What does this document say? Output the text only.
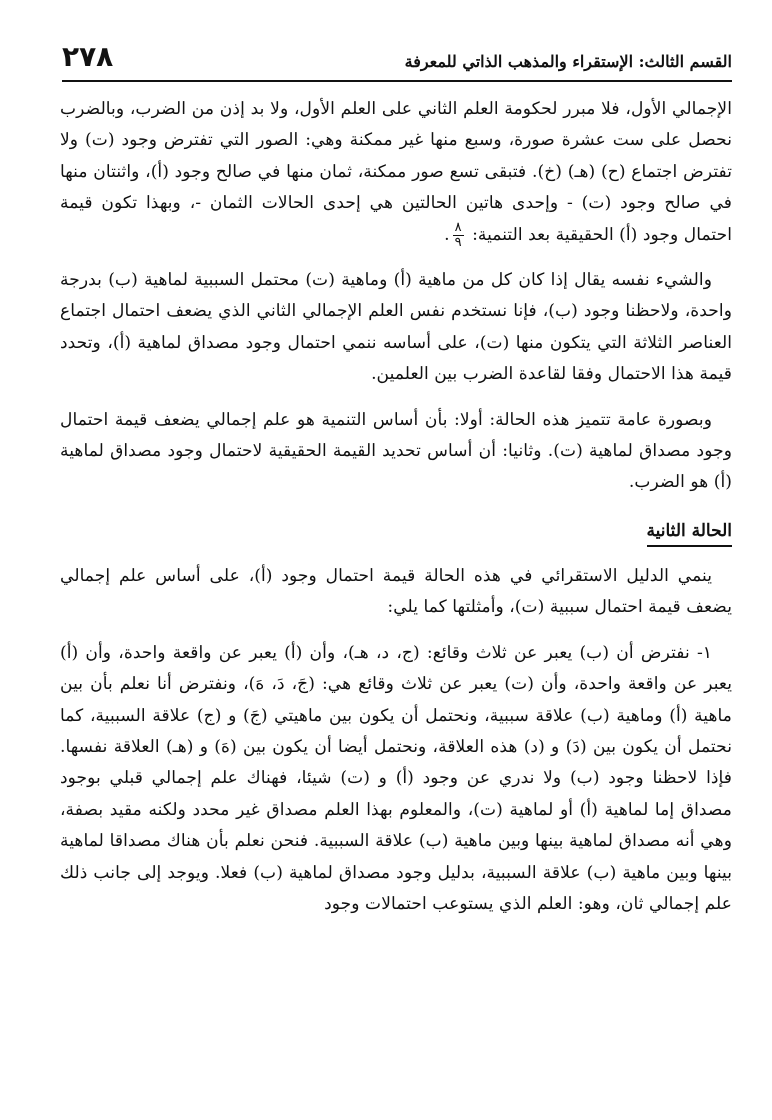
القسم الثالث: الإستقراء والمذهب الذاتي للمعرفة
٢٧٨

الإجمالي الأول، فلا مبرر لحكومة العلم الثاني على العلم الأول، ولا بد إذن من الضرب، وبالضرب نحصل على ست عشرة صورة، وسبع منها غير ممكنة وهي: الصور التي تفترض وجود (ت) ولا تفترض اجتماع (ح) (هـ) (خ). فتبقى تسع صور ممكنة، ثمان منها في صالح وجود (أ)، واثنتان منها في صالح وجود (ت) - وإحدى هاتين الحالتين هي إحدى الحالات الثمان -، وبهذا تكون قيمة احتمال وجود (أ) الحقيقية بعد التنمية:
$\frac{٨}{٩}$
.

والشيء نفسه يقال إذا كان كل من ماهية (أ) وماهية (ت) محتمل السببية لماهية (ب) بدرجة واحدة، ولاحظنا وجود (ب)، فإنا نستخدم نفس العلم الإجمالي الثاني الذي يضعف احتمال اجتماع العناصر الثلاثة التي يتكون منها (ت)، على أساسه ننمي احتمال وجود مصداق لماهية (أ)، وتحدد قيمة هذا الاحتمال وفقا لقاعدة الضرب بين العلمين.

وبصورة عامة تتميز هذه الحالة: أولا: بأن أساس التنمية هو علم إجمالي يضعف قيمة احتمال وجود مصداق لماهية (ت). وثانيا: أن أساس تحديد القيمة الحقيقية لاحتمال وجود مصداق لماهية (أ) هو الضرب.

الحالة الثانية

ينمي الدليل الاستقرائي في هذه الحالة قيمة احتمال وجود (أ)، على أساس علم إجمالي يضعف قيمة احتمال سببية (ت)، وأمثلتها كما يلي:

١- نفترض أن (ب) يعبر عن ثلاث وقائع: (ج، د، هـ)، وأن (أ) يعبر عن واقعة واحدة، وأن (أ) يعبر عن واقعة واحدة، وأن (ت) يعبر عن ثلاث وقائع هي: (جَ، دَ، هَ)، ونفترض أنا نعلم بأن بين ماهية (أ) وماهية (ب) علاقة سببية، ونحتمل أن يكون بين ماهيتي (جَ) و (ج) علاقة السببية، كما نحتمل أن يكون بين (دَ) و (د) هذه العلاقة، ونحتمل أيضا أن يكون بين (هَ) و (هـ) العلاقة نفسها. فإذا لاحظنا وجود (ب) ولا ندري عن وجود (أ) و (ت) شيئا، فهناك علم إجمالي قبلي بوجود مصداق إما لماهية (أ) أو لماهية (ت)، والمعلوم بهذا العلم مصداق غير محدد ولكنه مقيد بصفة، وهي أنه مصداق لماهية بينها وبين ماهية (ب) علاقة السببية. فنحن نعلم بأن هناك مصداقا لماهية بينها وبين ماهية (ب) علاقة السببية، بدليل وجود مصداق لماهية (ب) فعلا. ويوجد إلى جانب ذلك علم إجمالي ثان، وهو: العلم الذي يستوعب احتمالات وجود
